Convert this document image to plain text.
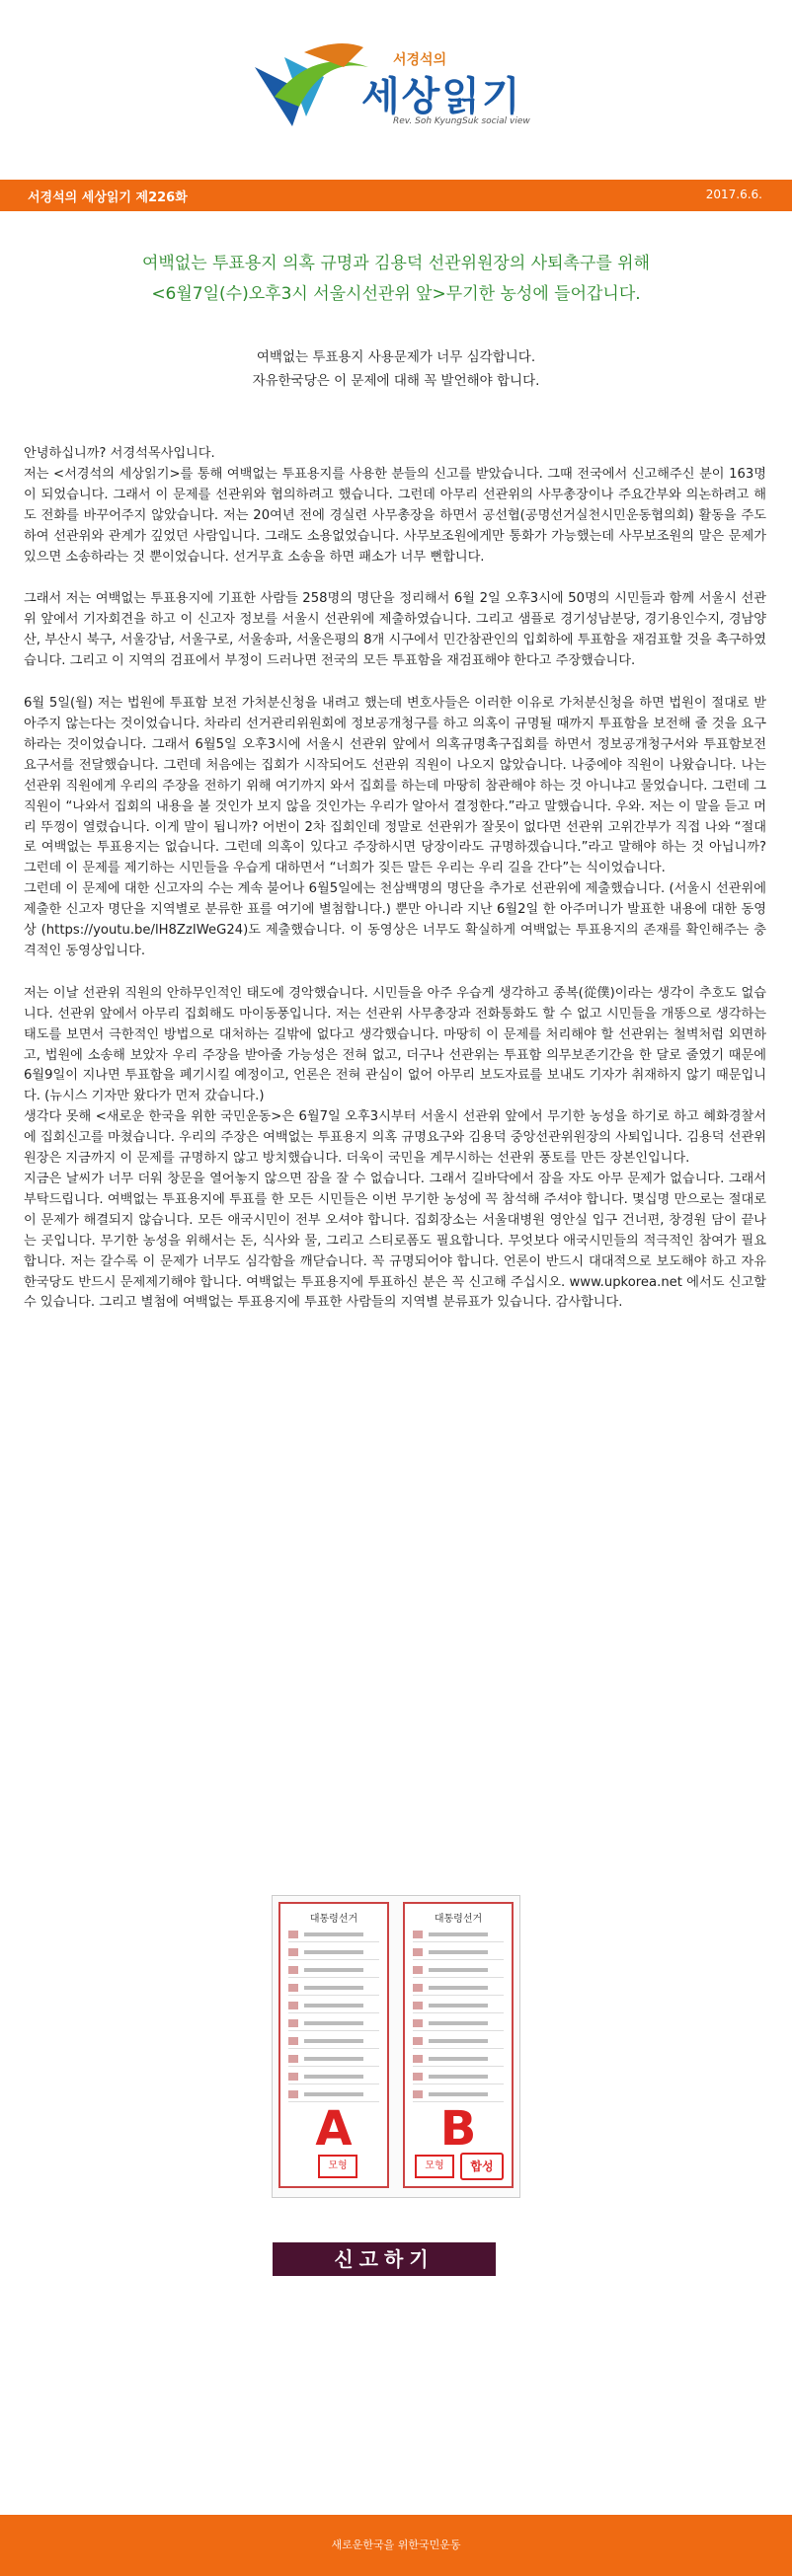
서경석의
세상읽기
Rev. Soh KyungSuk social view
서경석의 세상읽기 제226화	2017.6.6.
여백없는 투표용지 의혹 규명과 김용덕 선관위원장의 사퇴촉구를 위해
<6월7일(수)오후3시 서울시선관위 앞>무기한 농성에 들어갑니다.
여백없는 투표용지 사용문제가 너무 심각합니다.
자유한국당은 이 문제에 대해 꼭 발언해야 합니다.

안녕하십니까? 서경석목사입니다.
저는 <서경석의 세상읽기>를 통해 여백없는 투표용지를 사용한 분들의 신고를 받았습니다. 그때 전국에서 신고해주신 분이 163명이 되었습니다. 그래서 이 문제를 선관위와 협의하려고 했습니다. 그런데 아무리 선관위의 사무총장이나 주요간부와 의논하려고 해도 전화를 바꾸어주지 않았습니다. 저는 20여년 전에 경실련 사무총장을 하면서 공선협(공명선거실천시민운동협의회) 활동을 주도하여 선관위와 관계가 깊었던 사람입니다. 그래도 소용없었습니다. 사무보조원에게만 통화가 가능했는데 사무보조원의 말은 문제가 있으면 소송하라는 것 뿐이었습니다. 선거무효 소송을 하면 패소가 너무 뻔합니다.

그래서 저는 여백없는 투표용지에 기표한 사람들 258명의 명단을 정리해서 6월 2일 오후3시에 50명의 시민들과 함께 서울시 선관위 앞에서 기자회견을 하고 이 신고자 정보를 서울시 선관위에 제출하였습니다. 그리고 샘플로 경기성남분당, 경기용인수지, 경남양산, 부산시 북구, 서울강남, 서울구로, 서울송파, 서울은평의 8개 시구에서 민간참관인의 입회하에 투표함을 재검표할 것을 촉구하였습니다. 그리고 이 지역의 검표에서 부정이 드러나면 전국의 모든 투표함을 재검표해야 한다고 주장했습니다.

6월 5일(월) 저는 법원에 투표함 보전 가처분신청을 내려고 했는데 변호사들은 이러한 이유로 가처분신청을 하면 법원이 절대로 받아주지 않는다는 것이었습니다. 차라리 선거관리위원회에 정보공개청구를 하고 의혹이 규명될 때까지 투표함을 보전해 줄 것을 요구하라는 것이었습니다. 그래서 6월5일 오후3시에 서울시 선관위 앞에서 의혹규명촉구집회를 하면서 정보공개청구서와 투표함보전 요구서를 전달했습니다. 그런데 처음에는 집회가 시작되어도 선관위 직원이 나오지 않았습니다. 나중에야 직원이 나왔습니다. 나는 선관위 직원에게 우리의 주장을 전하기 위해 여기까지 와서 집회를 하는데 마땅히 참관해야 하는 것 아니냐고 물었습니다. 그런데 그 직원이 “나와서 집회의 내용을 볼 것인가 보지 않을 것인가는 우리가 알아서 결정한다.”라고 말했습니다. 우와. 저는 이 말을 듣고 머리 뚜껑이 열렸습니다. 이게 말이 됩니까? 어번이 2차 집회인데 정말로 선관위가 잘못이 없다면 선관위 고위간부가 직접 나와 “절대로 여백없는 투표용지는 없습니다. 그런데 의혹이 있다고 주장하시면 당장이라도 규명하겠습니다.”라고 말해야 하는 것 아닙니까? 그런데 이 문제를 제기하는 시민들을 우습게 대하면서 “너희가 짖든 말든 우리는 우리 길을 간다”는 식이었습니다.
그런데 이 문제에 대한 신고자의 수는 계속 불어나 6월5일에는 천삼백명의 명단을 추가로 선관위에 제출했습니다. (서울시 선관위에 제출한 신고자 명단을 지역별로 분류한 표를 여기에 별첨합니다.) 뿐만 아니라 지난 6월2일 한 아주머니가 발표한 내용에 대한 동영상 (https://youtu.be/lH8ZzIWeG24)도 제출했습니다. 이 동영상은 너무도 확실하게 여백없는 투표용지의 존재를 확인해주는 충격적인 동영상입니다.

저는 이날 선관위 직원의 안하무인적인 태도에 경악했습니다. 시민들을 아주 우습게 생각하고 종복(從僕)이라는 생각이 추호도 없습니다. 선관위 앞에서 아무리 집회해도 마이동풍입니다. 저는 선관위 사무총장과 전화통화도 할 수 없고 시민들을 개똥으로 생각하는 태도를 보면서 극한적인 방법으로 대처하는 길밖에 없다고 생각했습니다. 마땅히 이 문제를 처리해야 할 선관위는 철벽처럼 외면하고, 법원에 소송해 보았자 우리 주장을 받아줄 가능성은 전혀 없고, 더구나 선관위는 투표함 의무보존기간을 한 달로 줄였기 때문에 6월9일이 지나면 투표함을 폐기시킬 예정이고, 언론은 전혀 관심이 없어 아무리 보도자료를 보내도 기자가 취재하지 않기 때문입니다. (뉴시스 기자만 왔다가 먼저 갔습니다.)
생각다 못해 <새로운 한국을 위한 국민운동>은 6월7일 오후3시부터 서울시 선관위 앞에서 무기한 농성을 하기로 하고 혜화경찰서에 집회신고를 마쳤습니다. 우리의 주장은 여백없는 투표용지 의혹 규명요구와 김용덕 중앙선관위원장의 사퇴입니다. 김용덕 선관위원장은 지금까지 이 문제를 규명하지 않고 방치했습니다. 더욱이 국민을 계무시하는 선관위 풍토를 만든 장본인입니다.
지금은 날씨가 너무 더워 창문을 열어놓지 않으면 잠을 잘 수 없습니다. 그래서 길바닥에서 잠을 자도 아무 문제가 없습니다. 그래서 부탁드립니다. 여백없는 투표용지에 투표를 한 모든 시민들은 이번 무기한 농성에 꼭 참석해 주셔야 합니다. 몇십명 만으로는 절대로 이 문제가 해결되지 않습니다. 모든 애국시민이 전부 오셔야 합니다. 집회장소는 서울대병원 영안실 입구 건너편, 창경원 담이 끝나는 곳입니다. 무기한 농성을 위해서는 돈, 식사와 물, 그리고 스티로폼도 필요합니다. 무엇보다 애국시민들의 적극적인 참여가 필요합니다. 저는 갈수록 이 문제가 너무도 심각함을 깨닫습니다. 꼭 규명되어야 합니다. 언론이 반드시 대대적으로 보도해야 하고 자유한국당도 반드시 문제제기해야 합니다. 여백없는 투표용지에 투표하신 분은 꼭 신고해 주십시오. www.upkorea.net 에서도 신고할 수 있습니다. 그리고 별첨에 여백없는 투표용지에 투표한 사람들의 지역별 분류표가 있습니다. 감사합니다.

대통령선거
A
모형
대통령선거
B
모형	합성
신고하기
새로운한국을 위한국민운동
